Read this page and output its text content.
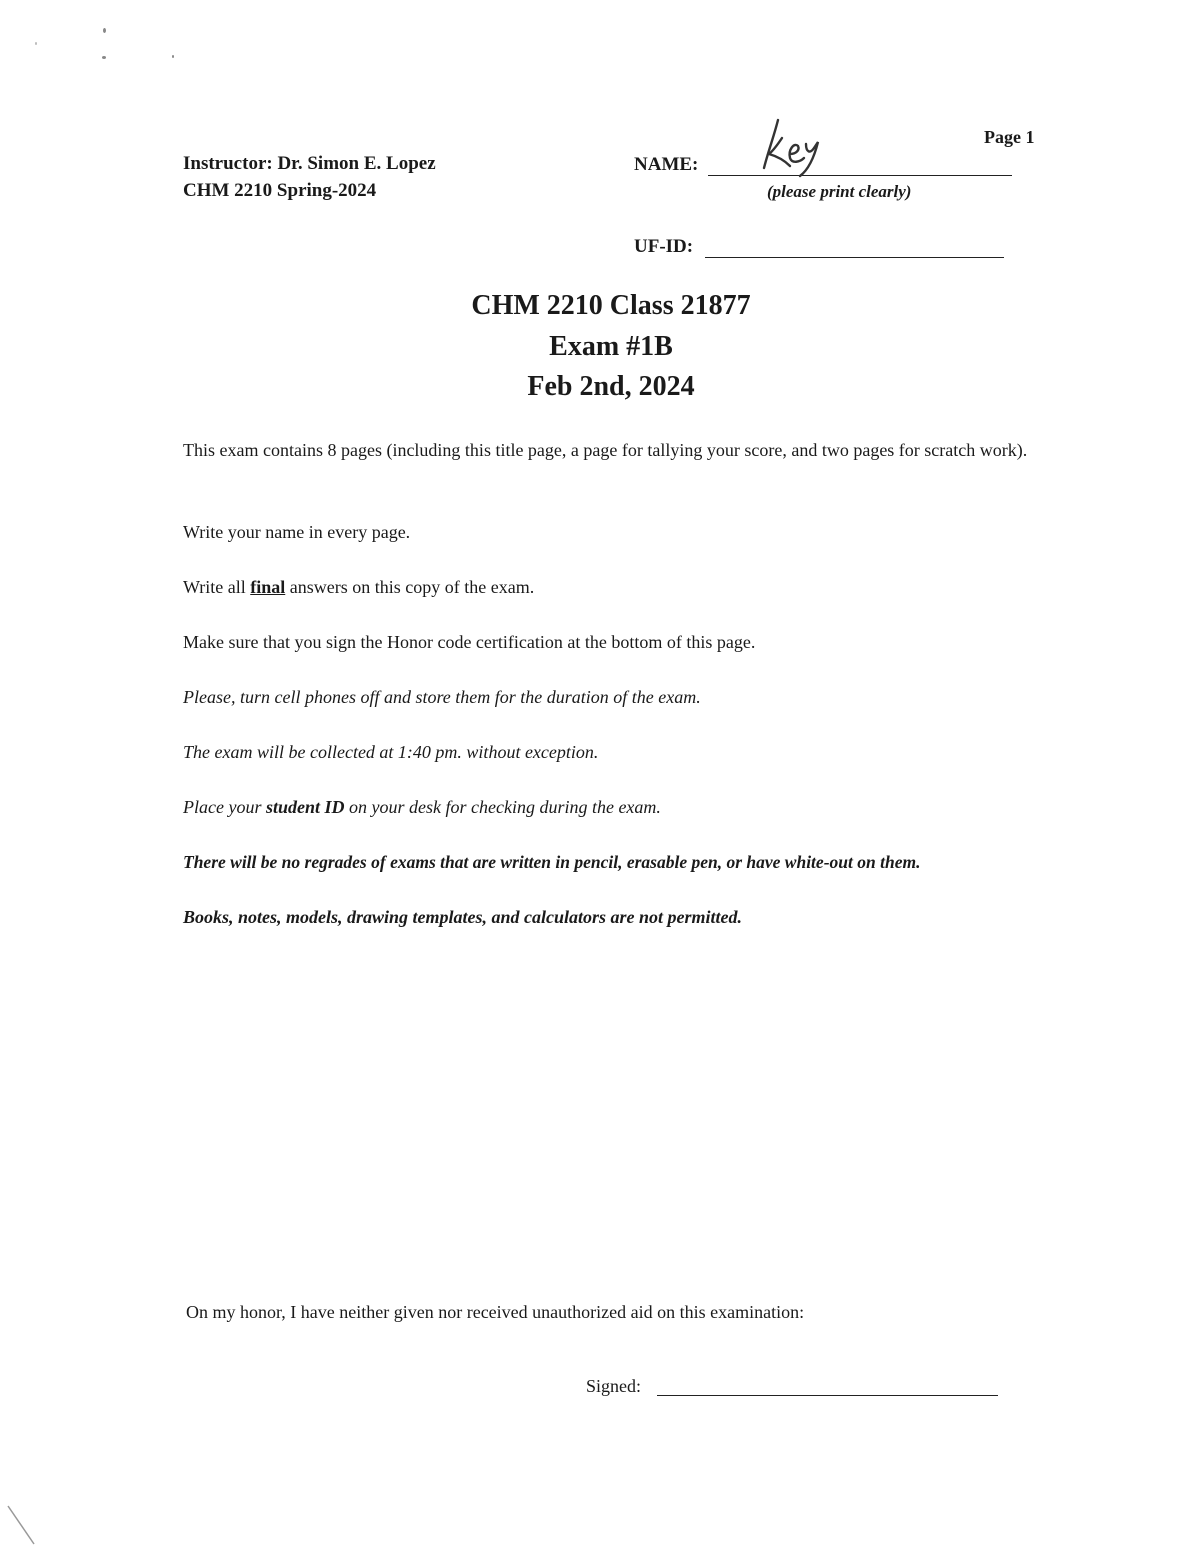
Instructor: Dr. Simon E. Lopez
CHM 2210 Spring-2024
Page 1
NAME:
Key
(please print clearly)
UF-ID:
CHM 2210 Class 21877
Exam #1B
Feb 2nd, 2024
This exam contains 8 pages (including this title page, a page for tallying your score, and two pages for scratch work).
Write your name in every page.
Write all final answers on this copy of the exam.
Make sure that you sign the Honor code certification at the bottom of this page.
Please, turn cell phones off and store them for the duration of the exam.
The exam will be collected at 1:40 pm. without exception.
Place your student ID on your desk for checking during the exam.
There will be no regrades of exams that are written in pencil, erasable pen, or have white-out on them.
Books, notes, models, drawing templates, and calculators are not permitted.
On my honor, I have neither given nor received unauthorized aid on this examination:
Signed:
